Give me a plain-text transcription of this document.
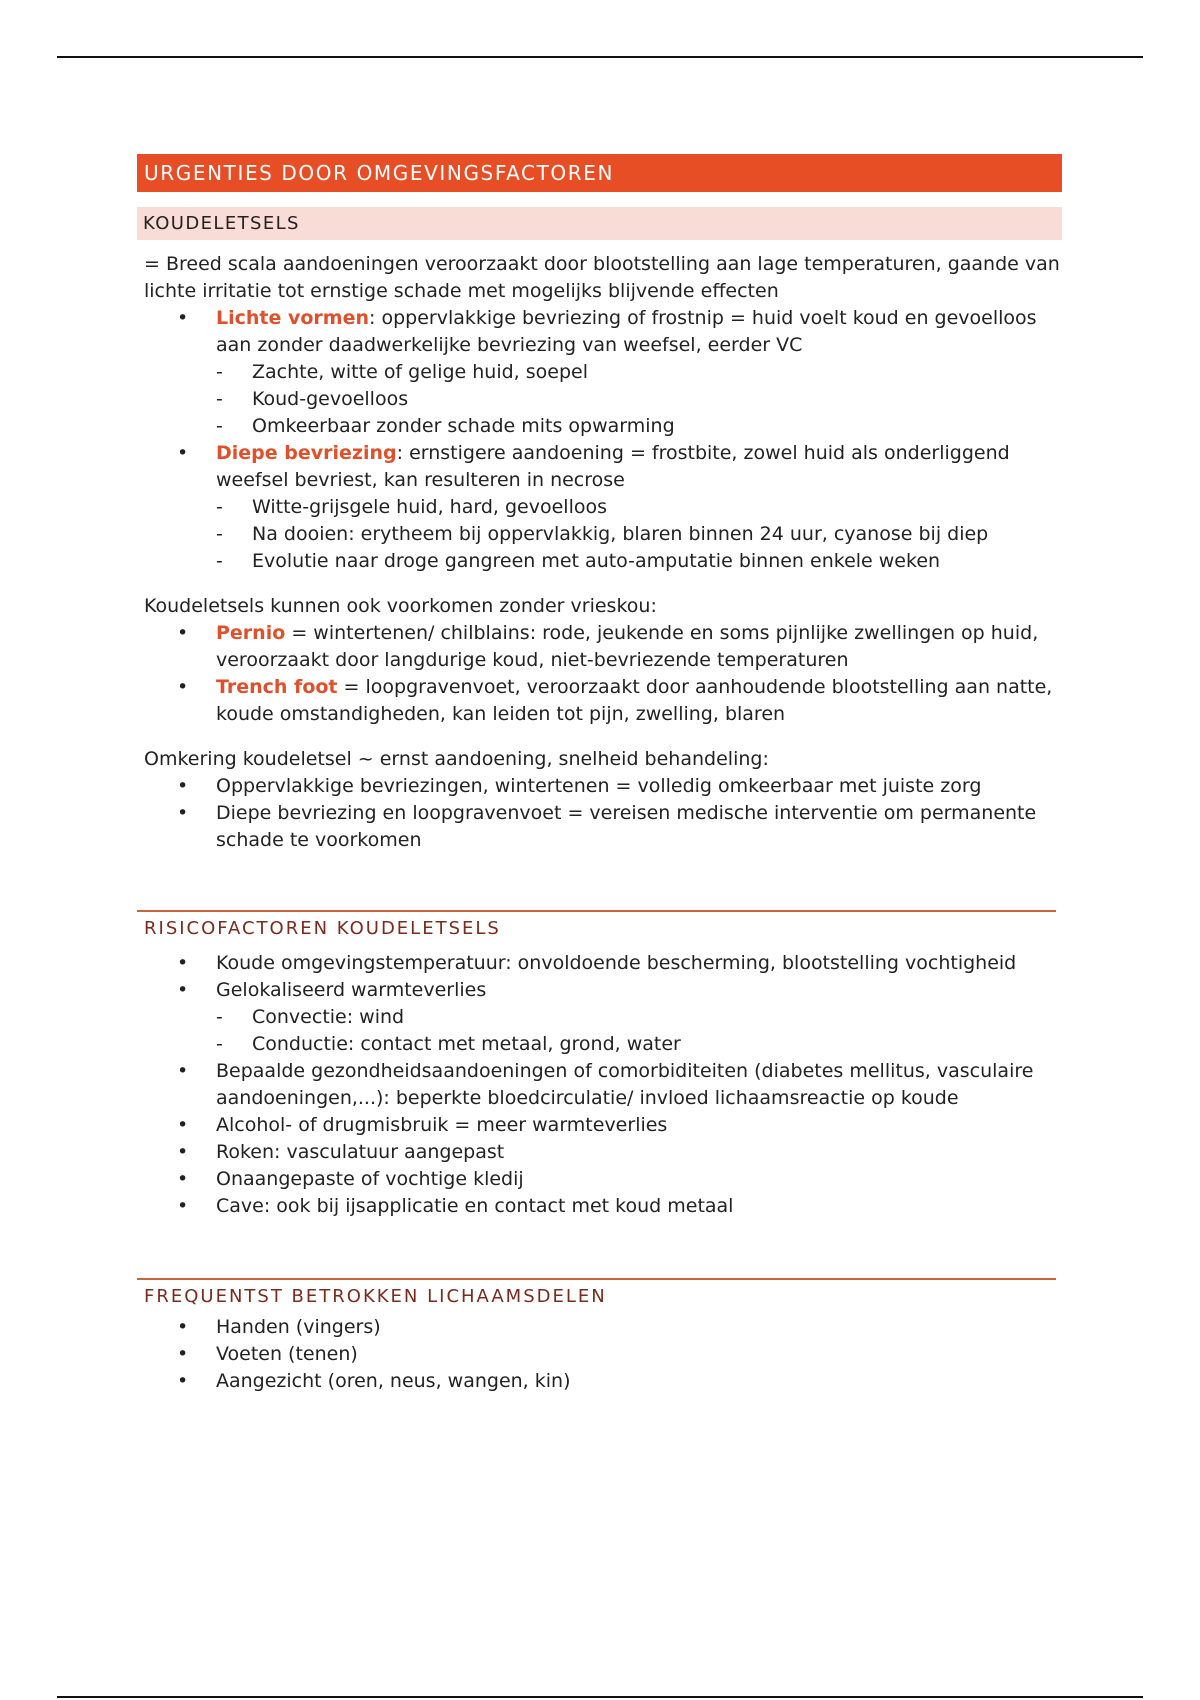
URGENTIES DOOR OMGEVINGSFACTOREN
KOUDELETSELS

= Breed scala aandoeningen veroorzaakt door blootstelling aan lage temperaturen, gaande van lichte irritatie tot ernstige schade met mogelijks blijvende effecten

• Lichte vormen: oppervlakkige bevriezing of frostnip = huid voelt koud en gevoelloos aan zonder daadwerkelijke bevriezing van weefsel, eerder VC
- Zachte, witte of gelige huid, soepel
- Koud-gevoelloos
- Omkeerbaar zonder schade mits opwarming
• Diepe bevriezing: ernstigere aandoening = frostbite, zowel huid als onderliggend weefsel bevriest, kan resulteren in necrose
- Witte-grijsgele huid, hard, gevoelloos
- Na dooien: erytheem bij oppervlakkig, blaren binnen 24 uur, cyanose bij diep
- Evolutie naar droge gangreen met auto-amputatie binnen enkele weken

Koudeletsels kunnen ook voorkomen zonder vrieskou:

• Pernio = wintertenen/ chilblains: rode, jeukende en soms pijnlijke zwellingen op huid, veroorzaakt door langdurige koud, niet-bevriezende temperaturen
• Trench foot = loopgravenvoet, veroorzaakt door aanhoudende blootstelling aan natte, koude omstandigheden, kan leiden tot pijn, zwelling, blaren

Omkering koudeletsel ~ ernst aandoening, snelheid behandeling:

• Oppervlakkige bevriezingen, wintertenen = volledig omkeerbaar met juiste zorg
• Diepe bevriezing en loopgravenvoet = vereisen medische interventie om permanente schade te voorkomen
RISICOFACTOREN KOUDELETSELS
• Koude omgevingstemperatuur: onvoldoende bescherming, blootstelling vochtigheid
• Gelokaliseerd warmteverlies
- Convectie: wind
- Conductie: contact met metaal, grond, water
• Bepaalde gezondheidsaandoeningen of comorbiditeiten (diabetes mellitus, vasculaire aandoeningen,...): beperkte bloedcirculatie/ invloed lichaamsreactie op koude
• Alcohol- of drugmisbruik = meer warmteverlies
• Roken: vasculatuur aangepast
• Onaangepaste of vochtige kledij
• Cave: ook bij ijsapplicatie en contact met koud metaal
FREQUENTST BETROKKEN LICHAAMSDELEN
• Handen (vingers)
• Voeten (tenen)
• Aangezicht (oren, neus, wangen, kin)
